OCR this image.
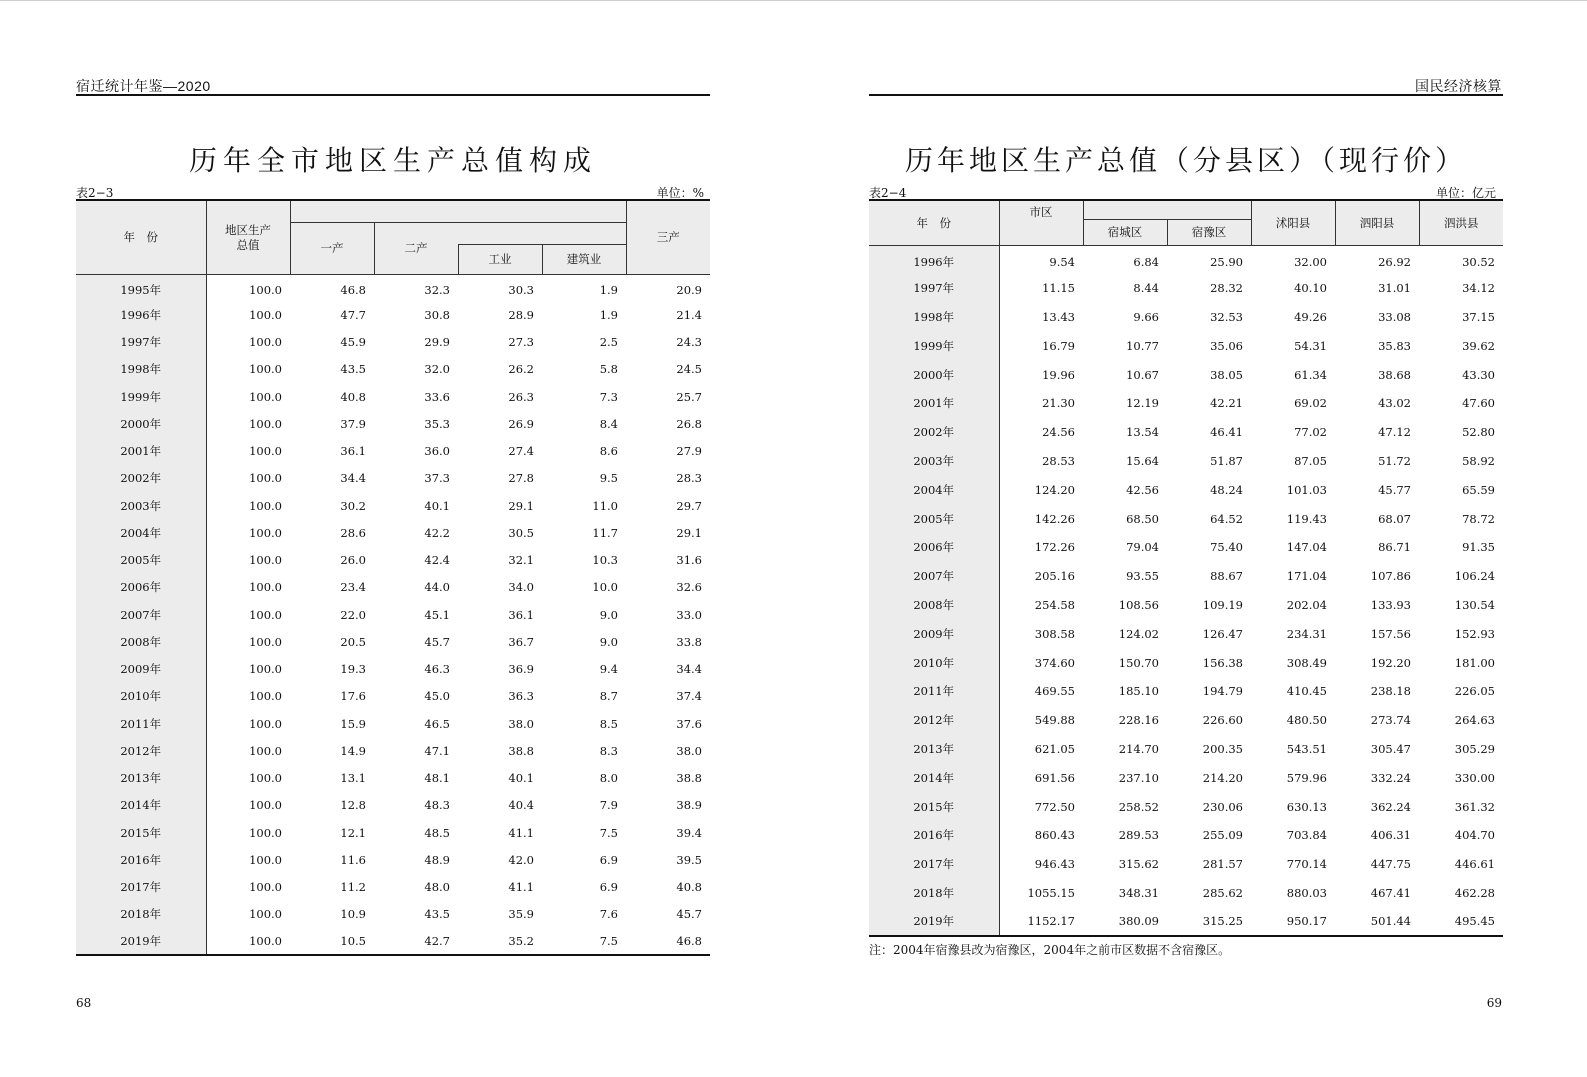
宿迁统计年鉴—2020
历年全市地区生产总值构成
表2−3	单位：%
年　份	地区生产总值					三产
		一产	二产			
				工业	建筑业	
1995年	100.0	46.8	32.3	30.3	1.9	20.9
1996年	100.0	47.7	30.8	28.9	1.9	21.4
1997年	100.0	45.9	29.9	27.3	2.5	24.3
1998年	100.0	43.5	32.0	26.2	5.8	24.5
1999年	100.0	40.8	33.6	26.3	7.3	25.7
2000年	100.0	37.9	35.3	26.9	8.4	26.8
2001年	100.0	36.1	36.0	27.4	8.6	27.9
2002年	100.0	34.4	37.3	27.8	9.5	28.3
2003年	100.0	30.2	40.1	29.1	11.0	29.7
2004年	100.0	28.6	42.2	30.5	11.7	29.1
2005年	100.0	26.0	42.4	32.1	10.3	31.6
2006年	100.0	23.4	44.0	34.0	10.0	32.6
2007年	100.0	22.0	45.1	36.1	9.0	33.0
2008年	100.0	20.5	45.7	36.7	9.0	33.8
2009年	100.0	19.3	46.3	36.9	9.4	34.4
2010年	100.0	17.6	45.0	36.3	8.7	37.4
2011年	100.0	15.9	46.5	38.0	8.5	37.6
2012年	100.0	14.9	47.1	38.8	8.3	38.0
2013年	100.0	13.1	48.1	40.1	8.0	38.8
2014年	100.0	12.8	48.3	40.4	7.9	38.9
2015年	100.0	12.1	48.5	41.1	7.5	39.4
2016年	100.0	11.6	48.9	42.0	6.9	39.5
2017年	100.0	11.2	48.0	41.1	6.9	40.8
2018年	100.0	10.9	43.5	35.9	7.6	45.7
2019年	100.0	10.5	42.7	35.2	7.5	46.8
68
国民经济核算
历年地区生产总值（分县区）（现行价）
表2−4	单位：亿元
年　份	市区			沭阳县	泗阳县	泗洪县
		宿城区	宿豫区			
1996年	9.54	6.84	25.90	32.00	26.92	30.52
1997年	11.15	8.44	28.32	40.10	31.01	34.12
1998年	13.43	9.66	32.53	49.26	33.08	37.15
1999年	16.79	10.77	35.06	54.31	35.83	39.62
2000年	19.96	10.67	38.05	61.34	38.68	43.30
2001年	21.30	12.19	42.21	69.02	43.02	47.60
2002年	24.56	13.54	46.41	77.02	47.12	52.80
2003年	28.53	15.64	51.87	87.05	51.72	58.92
2004年	124.20	42.56	48.24	101.03	45.77	65.59
2005年	142.26	68.50	64.52	119.43	68.07	78.72
2006年	172.26	79.04	75.40	147.04	86.71	91.35
2007年	205.16	93.55	88.67	171.04	107.86	106.24
2008年	254.58	108.56	109.19	202.04	133.93	130.54
2009年	308.58	124.02	126.47	234.31	157.56	152.93
2010年	374.60	150.70	156.38	308.49	192.20	181.00
2011年	469.55	185.10	194.79	410.45	238.18	226.05
2012年	549.88	228.16	226.60	480.50	273.74	264.63
2013年	621.05	214.70	200.35	543.51	305.47	305.29
2014年	691.56	237.10	214.20	579.96	332.24	330.00
2015年	772.50	258.52	230.06	630.13	362.24	361.32
2016年	860.43	289.53	255.09	703.84	406.31	404.70
2017年	946.43	315.62	281.57	770.14	447.75	446.61
2018年	1055.15	348.31	285.62	880.03	467.41	462.28
2019年	1152.17	380.09	315.25	950.17	501.44	495.45
注：2004年宿豫县改为宿豫区，2004年之前市区数据不含宿豫区。
69
